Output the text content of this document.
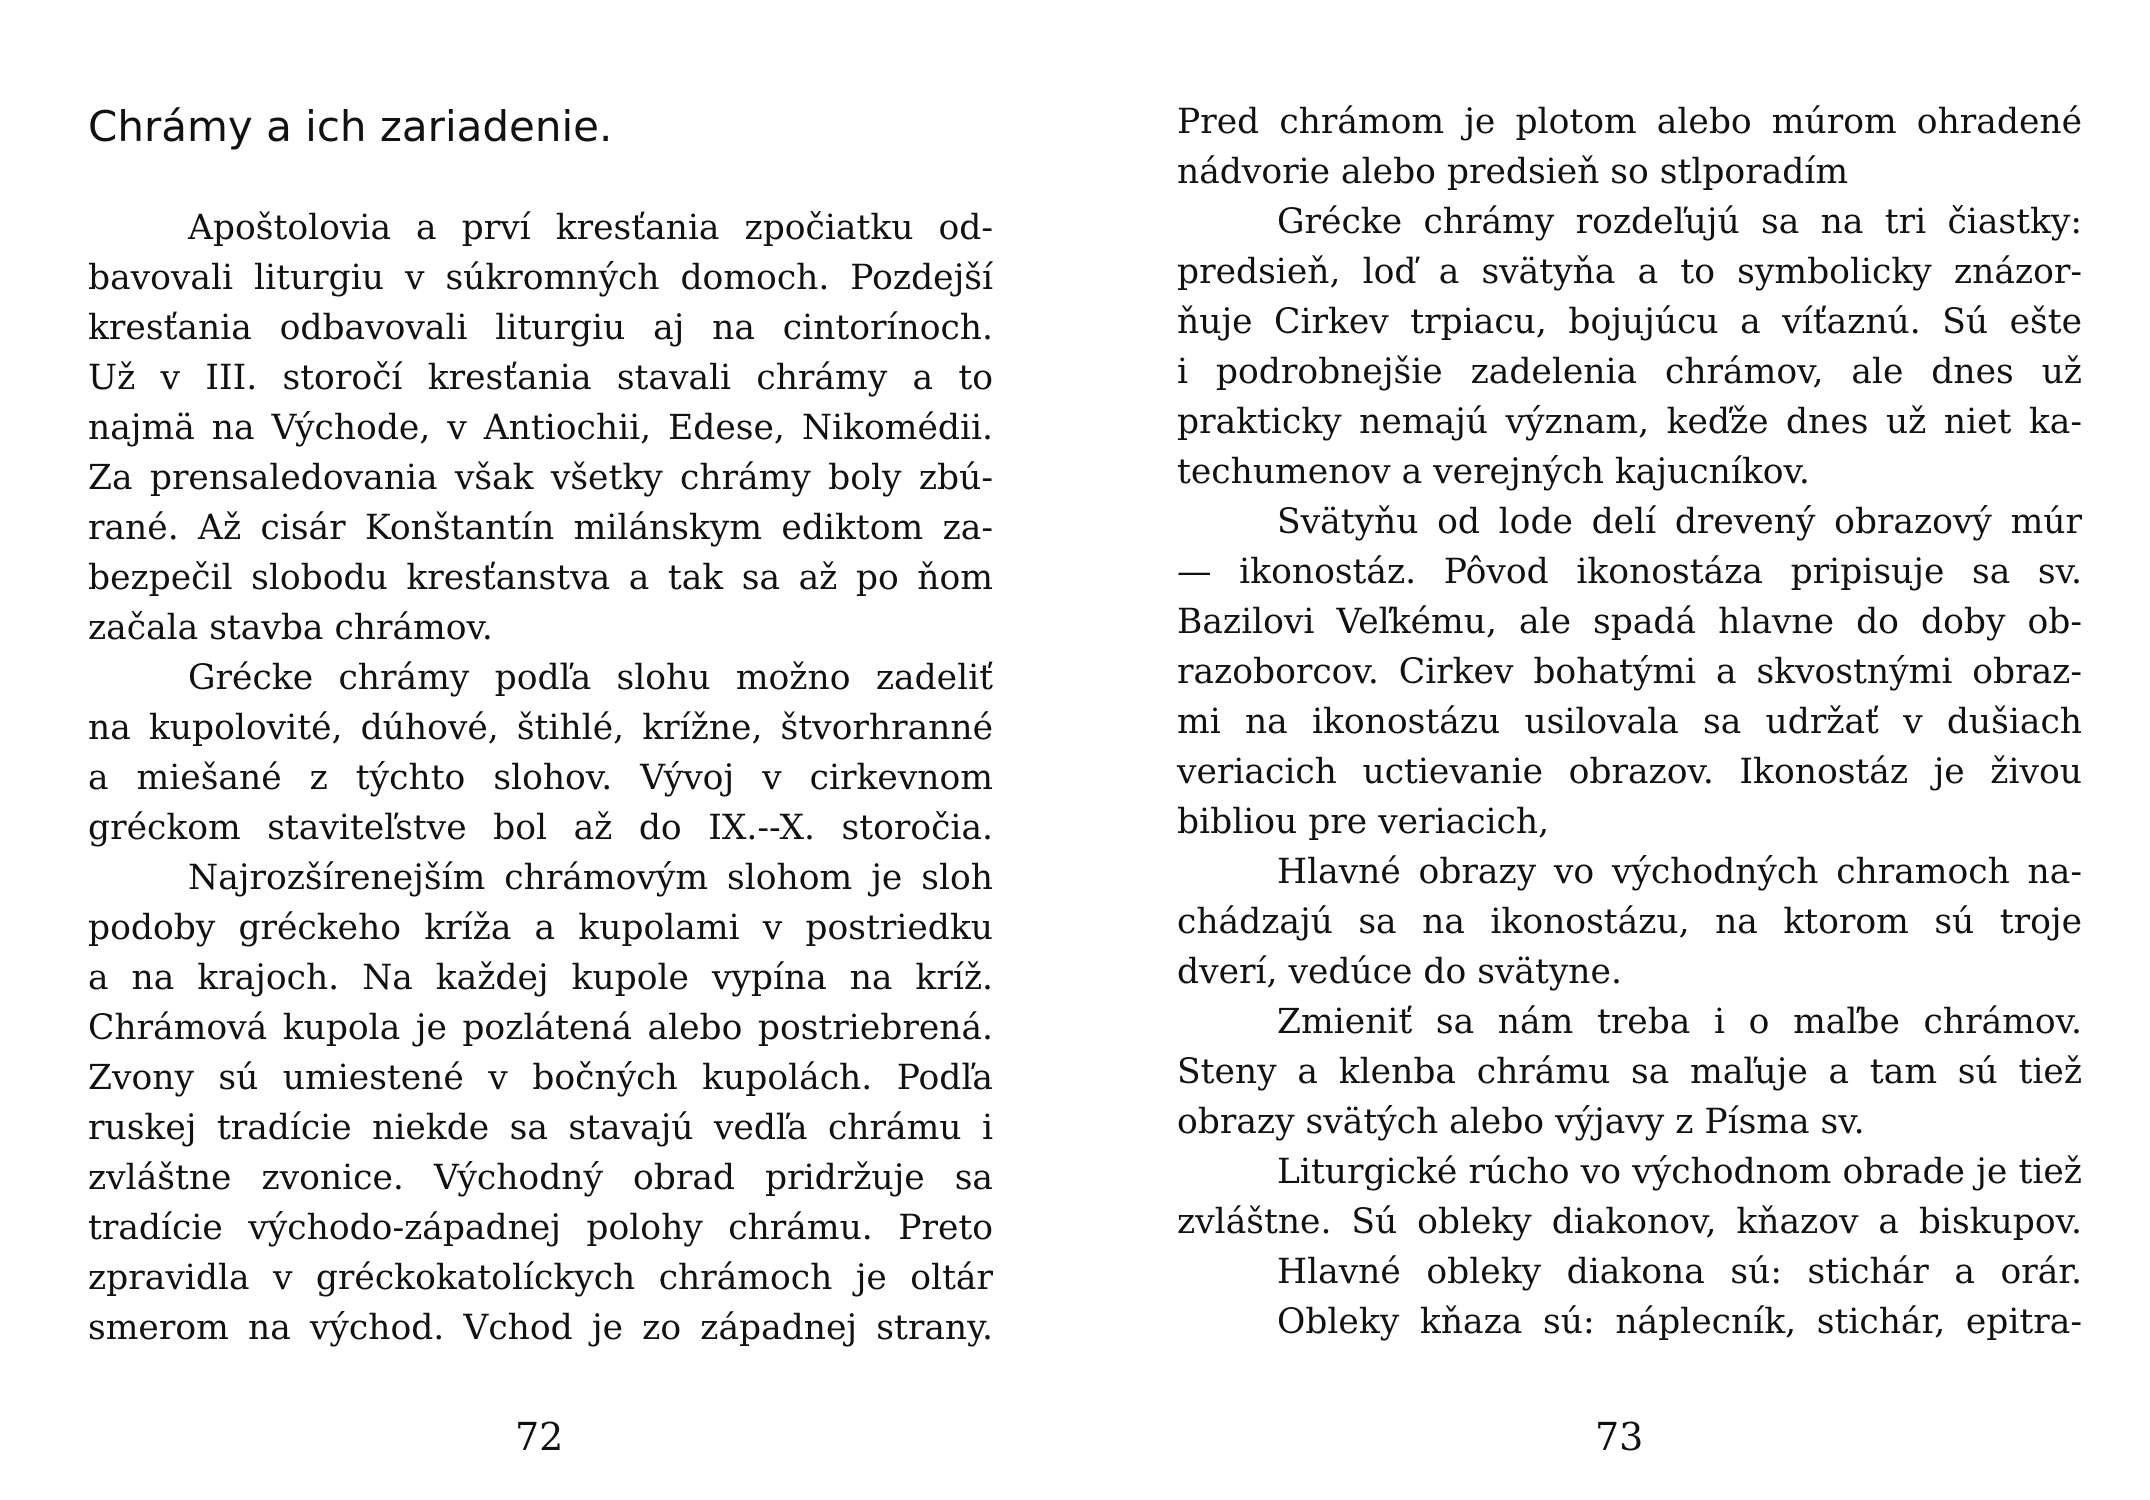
Chrámy a ich zariadenie.
Apoštolovia a prví kresťania zpočiatku od-
bavovali liturgiu v súkromných domoch. Pozdejší
kresťania odbavovali liturgiu aj na cintorínoch.
Už v III. storočí kresťania stavali chrámy a to
najmä na Východe, v Antiochii, Edese, Nikomédii.
Za prensaledovania však všetky chrámy boly zbú-
rané. Až cisár Konštantín milánskym ediktom za-
bezpečil slobodu kresťanstva a tak sa až po ňom
začala stavba chrámov.
Grécke chrámy podľa slohu možno zadeliť
na kupolovité, dúhové, štihlé, krížne, štvorhranné
a miešané z týchto slohov. Vývoj v cirkevnom
gréckom staviteľstve bol až do IX.--X. storočia.
Najrozšírenejším chrámovým slohom je sloh
podoby gréckeho kríža a kupolami v postriedku
a na krajoch. Na každej kupole vypína na kríž.
Chrámová kupola je pozlátená alebo postriebrená.
Zvony sú umiestené v bočných kupolách. Podľa
ruskej tradície niekde sa stavajú vedľa chrámu i
zvláštne zvonice. Východný obrad pridržuje sa
tradície východo-západnej polohy chrámu. Preto
zpravidla v gréckokatolíckych chrámoch je oltár
smerom na východ. Vchod je zo západnej strany.
72
Pred chrámom je plotom alebo múrom ohradené
nádvorie alebo predsieň so stlporadím
Grécke chrámy rozdeľujú sa na tri čiastky:
predsieň, loď a svätyňa a to symbolicky znázor-
ňuje Cirkev trpiacu, bojujúcu a víťaznú. Sú ešte
i podrobnejšie zadelenia chrámov, ale dnes už
prakticky nemajú význam, keďže dnes už niet ka-
techumenov a verejných kajucníkov.
Svätyňu od lode delí drevený obrazový múr
— ikonostáz. Pôvod ikonostáza pripisuje sa sv.
Bazilovi Veľkému, ale spadá hlavne do doby ob-
razoborcov. Cirkev bohatými a skvostnými obraz-
mi na ikonostázu usilovala sa udržať v dušiach
veriacich uctievanie obrazov. Ikonostáz je živou
bibliou pre veriacich,
Hlavné obrazy vo východných chramoch na-
chádzajú sa na ikonostázu, na ktorom sú troje
dverí, vedúce do svätyne.
Zmieniť sa nám treba i o maľbe chrámov.
Steny a klenba chrámu sa maľuje a tam sú tiež
obrazy svätých alebo výjavy z Písma sv.
Liturgické rúcho vo východnom obrade je tiež
zvláštne. Sú obleky diakonov, kňazov a biskupov.
Hlavné obleky diakona sú: stichár a orár.
Obleky kňaza sú: náplecník, stichár, epitra-
73
